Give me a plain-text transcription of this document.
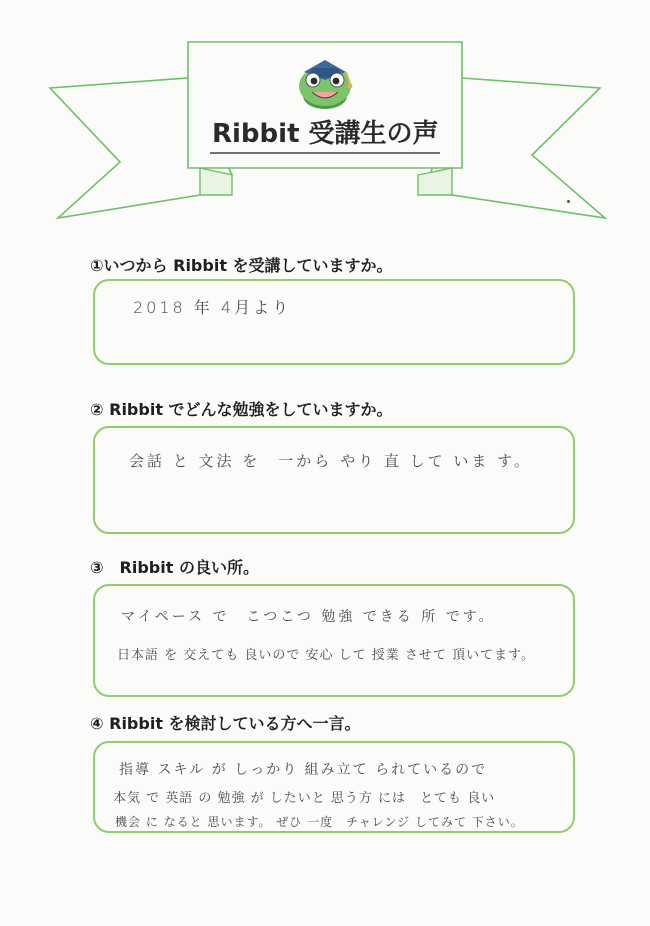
Ribbit 受講生の声
①いつから Ribbit を受講していますか。
2018 年 4月より
② Ribbit でどんな勉強をしていますか。
会話 と 文法 を　一から やり 直 して いま す。
③　Ribbit の良い所。
マイペース で　こつこつ 勉強 できる 所 です。
日本語 を 交えても 良いので 安心 して 授業 させて 頂いてます。
④ Ribbit を検討している方へ一言。
指導 スキル が しっかり 組み立て られているので
本気 で 英語 の 勉強 が したいと 思う方 には　とても 良い
機会 に なると 思います。 ぜひ 一度　チャレンジ してみて 下さい。
